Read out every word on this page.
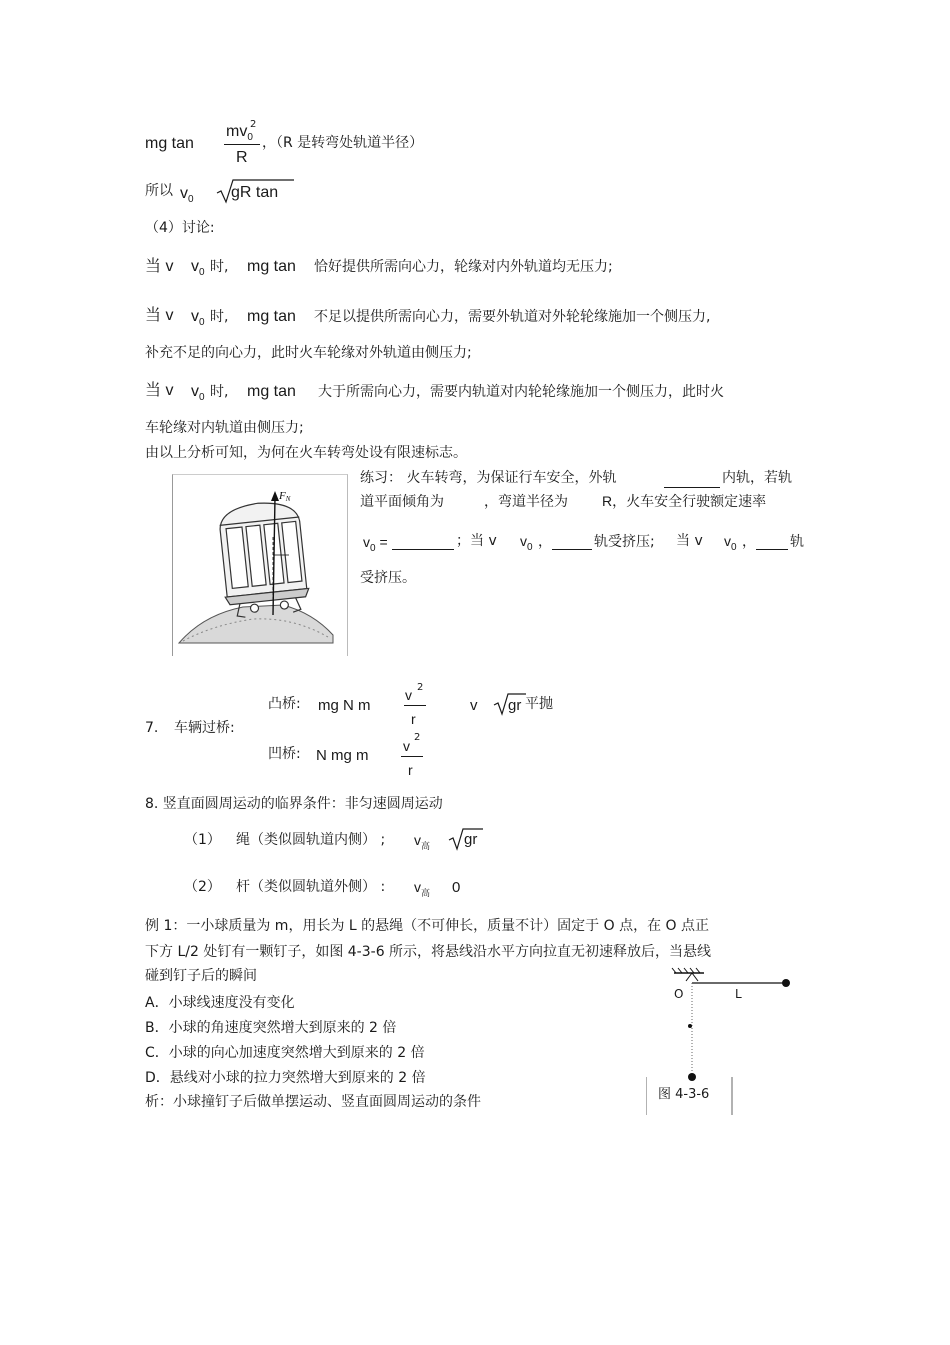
mg tan
$mv_0$
2
R
，（R 是转弯处轨道半径）
所以 $v_0$ gR tan
（4）讨论:
当 v $v_0$ 时, mg tan 恰好提供所需向心力，轮缘对内外轨道均无压力;
当 v $v_0$ 时, mg tan 不足以提供所需向心力，需要外轨道对外轮轮缘施加一个侧压力,
补充不足的向心力，此时火车轮缘对外轨道由侧压力;
当 v $v_0$ 时, mg tan 大于所需向心力，需要内轨道对内轮轮缘施加一个侧压力，此时火
车轮缘对内轨道由侧压力;
由以上分析可知，为何在火车转弯处设有限速标志。
FN
练习： 火车转弯，为保证行车安全，外轨	内轨，若轨
道平面倾角为	，弯道半径为 R，火车安全行驶额定速率
$v_0$ =	；当 v $v_0$ ，	轨受挤压; 当 v $v_0$ ， 轨
受挤压。
7. 车辆过桥:
凸桥: mg N m
v 2
r
v gr 平抛
凹桥: N mg m
v
2
r
8. 竖直面圆周运动的临界条件：非匀速圆周运动
（1） 绳（类似圆轨道内侧） ; $v_高$ gr
（2） 杆（类似圆轨道外侧） : $v_高$ 0
例 1：一小球质量为 m，用长为 L 的悬绳（不可伸长，质量不计）固定于 O 点，在 O 点正
下方 L/2 处钉有一颗钉子，如图 4-3-6 所示，将悬线沿水平方向拉直无初速释放后，当悬线
碰到钉子后的瞬间
A．小球线速度没有变化
B．小球的角速度突然增大到原来的 2 倍
C．小球的向心加速度突然增大到原来的 2 倍
D．悬线对小球的拉力突然增大到原来的 2 倍
析：小球撞钉子后做单摆运动、竖直面圆周运动的条件
O	L
图 4-3-6
